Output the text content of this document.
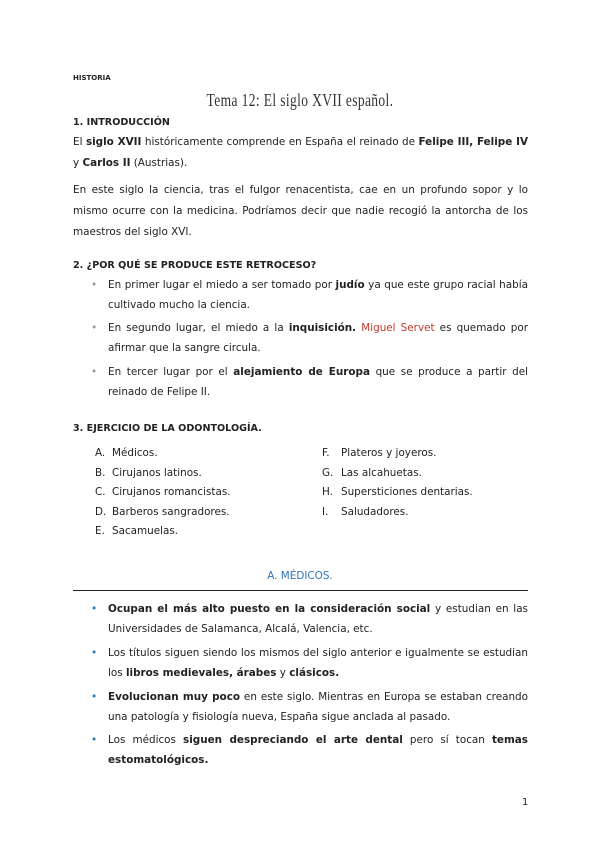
HISTORIA
Tema 12: El siglo XVII español.
1. INTRODUCCIÓN
El siglo XVII históricamente comprende en España el reinado de Felipe III, Felipe IV y Carlos II (Austrias).
En este siglo la ciencia, tras el fulgor renacentista, cae en un profundo sopor y lo mismo ocurre con la medicina. Podríamos decir que nadie recogió la antorcha de los maestros del siglo XVI.
2. ¿POR QUÉ SE PRODUCE ESTE RETROCESO?
• En primer lugar el miedo a ser tomado por judío ya que este grupo racial había cultivado mucho la ciencia.
• En segundo lugar, el miedo a la inquisición. Miguel Servet es quemado por afirmar que la sangre circula.
• En tercer lugar por el alejamiento de Europa que se produce a partir del reinado de Felipe II.
3. EJERCICIO DE LA ODONTOLOGÍA.
A. Médicos.
B. Cirujanos latinos.
C. Cirujanos romancistas.
D. Barberos sangradores.
E. Sacamuelas.
F. Plateros y joyeros.
G. Las alcahuetas.
H. Supersticiones dentarias.
I. Saludadores.
A. MÉDICOS.
• Ocupan el más alto puesto en la consideración social y estudian en las Universidades de Salamanca, Alcalá, Valencia, etc.
• Los títulos siguen siendo los mismos del siglo anterior e igualmente se estudian los libros medievales, árabes y clásicos.
• Evolucionan muy poco en este siglo. Mientras en Europa se estaban creando una patología y fisiología nueva, España sigue anclada al pasado.
• Los médicos siguen despreciando el arte dental pero sí tocan temas estomatológicos.
1
